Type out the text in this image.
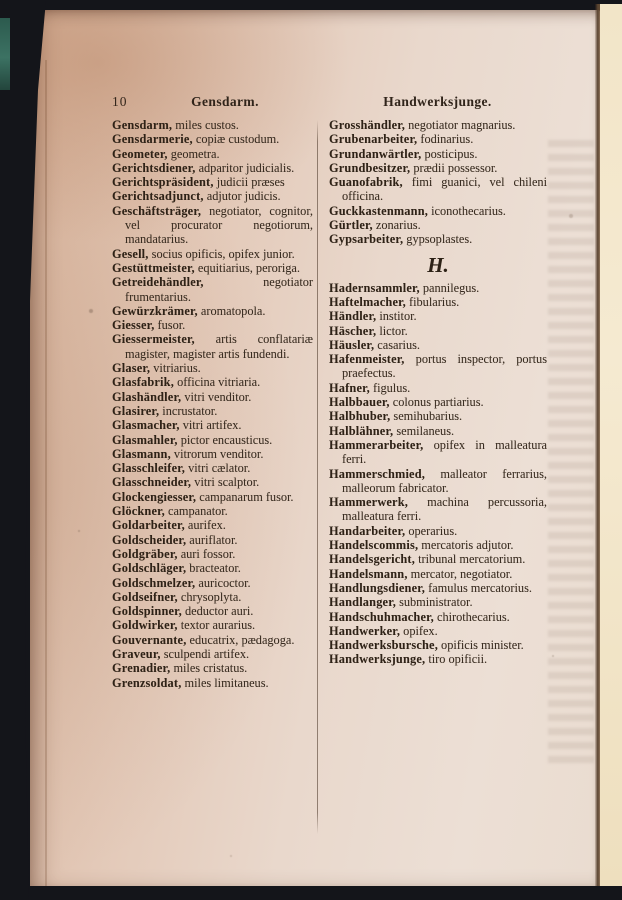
10	Gensdarm.	Handwerksjunge.

Gensdarm, miles custos.

Gensdarmerie, copiæ custodum.

Geometer, geometra.

Gerichtsdiener, adparitor judicialis.

Gerichtspräsident, judicii præses

Gerichtsadjunct, adjutor judicis.

Geschäftsträger, negotiator, cognitor, vel procurator negotiorum, mandatarius.

Gesell, socius opificis, opifex junior.

Gestüttmeister, equitiarius, peroriga.

Getreidehändler, negotiator frumentarius.

Gewürzkrämer, aromatopola.

Giesser, fusor.

Giessermeister, artis conflatariæ magister, magister artis fundendi.

Glaser, vitriarius.

Glasfabrik, officina vitriaria.

Glashändler, vitri venditor.

Glasirer, incrustator.

Glasmacher, vitri artifex.

Glasmahler, pictor encausticus.

Glasmann, vitrorum venditor.

Glasschleifer, vitri cælator.

Glasschneider, vitri scalptor.

Glockengiesser, campanarum fusor.

Glöckner, campanator.

Goldarbeiter, aurifex.

Goldscheider, auriflator.

Goldgräber, auri fossor.

Goldschläger, bracteator.

Goldschmelzer, auricoctor.

Goldseifner, chrysoplyta.

Goldspinner, deductor auri.

Goldwirker, textor aurarius.

Gouvernante, educatrix, pædagoga.

Graveur, sculpendi artifex.

Grenadier, miles cristatus.

Grenzsoldat, miles limitaneus.

Grosshändler, negotiator magnarius.

Grubenarbeiter, fodinarius.

Grundanwärtler, posticipus.

Grundbesitzer, prædii possessor.

Guanofabrik, fimi guanici, vel chileni officina.

Guckkastenmann, iconothecarius.

Gürtler, zonarius.

Gypsarbeiter, gypsoplastes.

H.

Hadernsammler, pannilegus.

Haftelmacher, fibularius.

Händler, institor.

Häscher, lictor.

Häusler, casarius.

Hafenmeister, portus inspector, portus praefectus.

Hafner, figulus.

Halbbauer, colonus partiarius.

Halbhuber, semihubarius.

Halblähner, semilaneus.

Hammerarbeiter, opifex in malleatura ferri.

Hammerschmied, malleator ferrarius, malleorum fabricator.

Hammerwerk, machina percussoria, malleatura ferri.

Handarbeiter, operarius.

Handelscommis, mercatoris adjutor.

Handelsgericht, tribunal mercatorium.

Handelsmann, mercator, negotiator.

Handlungsdiener, famulus mercatorius.

Handlanger, subministrator.

Handschuhmacher, chirothecarius.

Handwerker, opifex.

Handwerksbursche, opificis minister.

Handwerksjunge, tiro opificii.
